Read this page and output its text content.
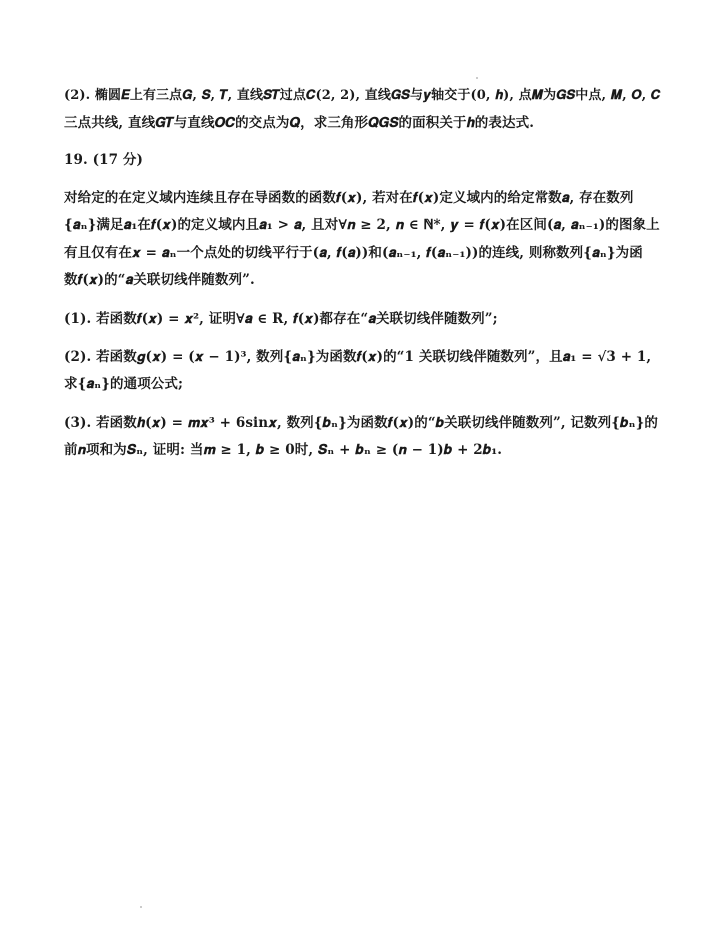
(2). 椭圆𝑬上有三点𝑮, 𝑺, 𝑻, 直线𝑺𝑻过点𝑪(𝟐, 𝟐), 直线𝑮𝑺与𝒚轴交于(𝟎, 𝒉), 点𝑴为𝑮𝑺中点, 𝑴, 𝑶, 𝑪
三点共线, 直线𝑮𝑻与直线𝑶𝑪的交点为𝑸，求三角形𝑸𝑮𝑺的面积关于𝒉的表达式.
19. (17 分)
对给定的在定义域内连续且存在导函数的函数𝒇(𝒙), 若对在𝒇(𝒙)定义域内的给定常数𝒂, 存在数列
{𝒂ₙ}满足𝒂₁在𝒇(𝒙)的定义域内且𝒂₁ > 𝒂, 且对∀𝒏 ≥ 𝟐, 𝒏 ∈ ℕ*, 𝒚 = 𝒇(𝒙)在区间(𝒂, 𝒂ₙ₋₁)的图象上
有且仅有在𝒙 = 𝒂ₙ一个点处的切线平行于(𝒂, 𝒇(𝒂))和(𝒂ₙ₋₁, 𝒇(𝒂ₙ₋₁))的连线, 则称数列{𝒂ₙ}为函
数𝒇(𝒙)的“𝒂关联切线伴随数列”.
(1). 若函数𝒇(𝒙) = 𝒙², 证明∀𝒂 ∈ R, 𝒇(𝒙)都存在“𝒂关联切线伴随数列”;
(2). 若函数𝒈(𝒙) = (𝒙 − 𝟏)³, 数列{𝒂ₙ}为函数𝒇(𝒙)的“1 关联切线伴随数列”，且𝒂₁ = √𝟑 + 𝟏,
求{𝒂ₙ}的通项公式;
(3). 若函数𝒉(𝒙) = 𝒎𝒙³ + 𝟔sin𝒙, 数列{𝒃ₙ}为函数𝒇(𝒙)的“𝒃关联切线伴随数列”, 记数列{𝒃ₙ}的
前𝒏项和为𝑺ₙ, 证明: 当𝒎 ≥ 𝟏, 𝒃 ≥ 𝟎时, 𝑺ₙ + 𝒃ₙ ≥ (𝒏 − 𝟏)𝒃 + 𝟐𝒃₁.
